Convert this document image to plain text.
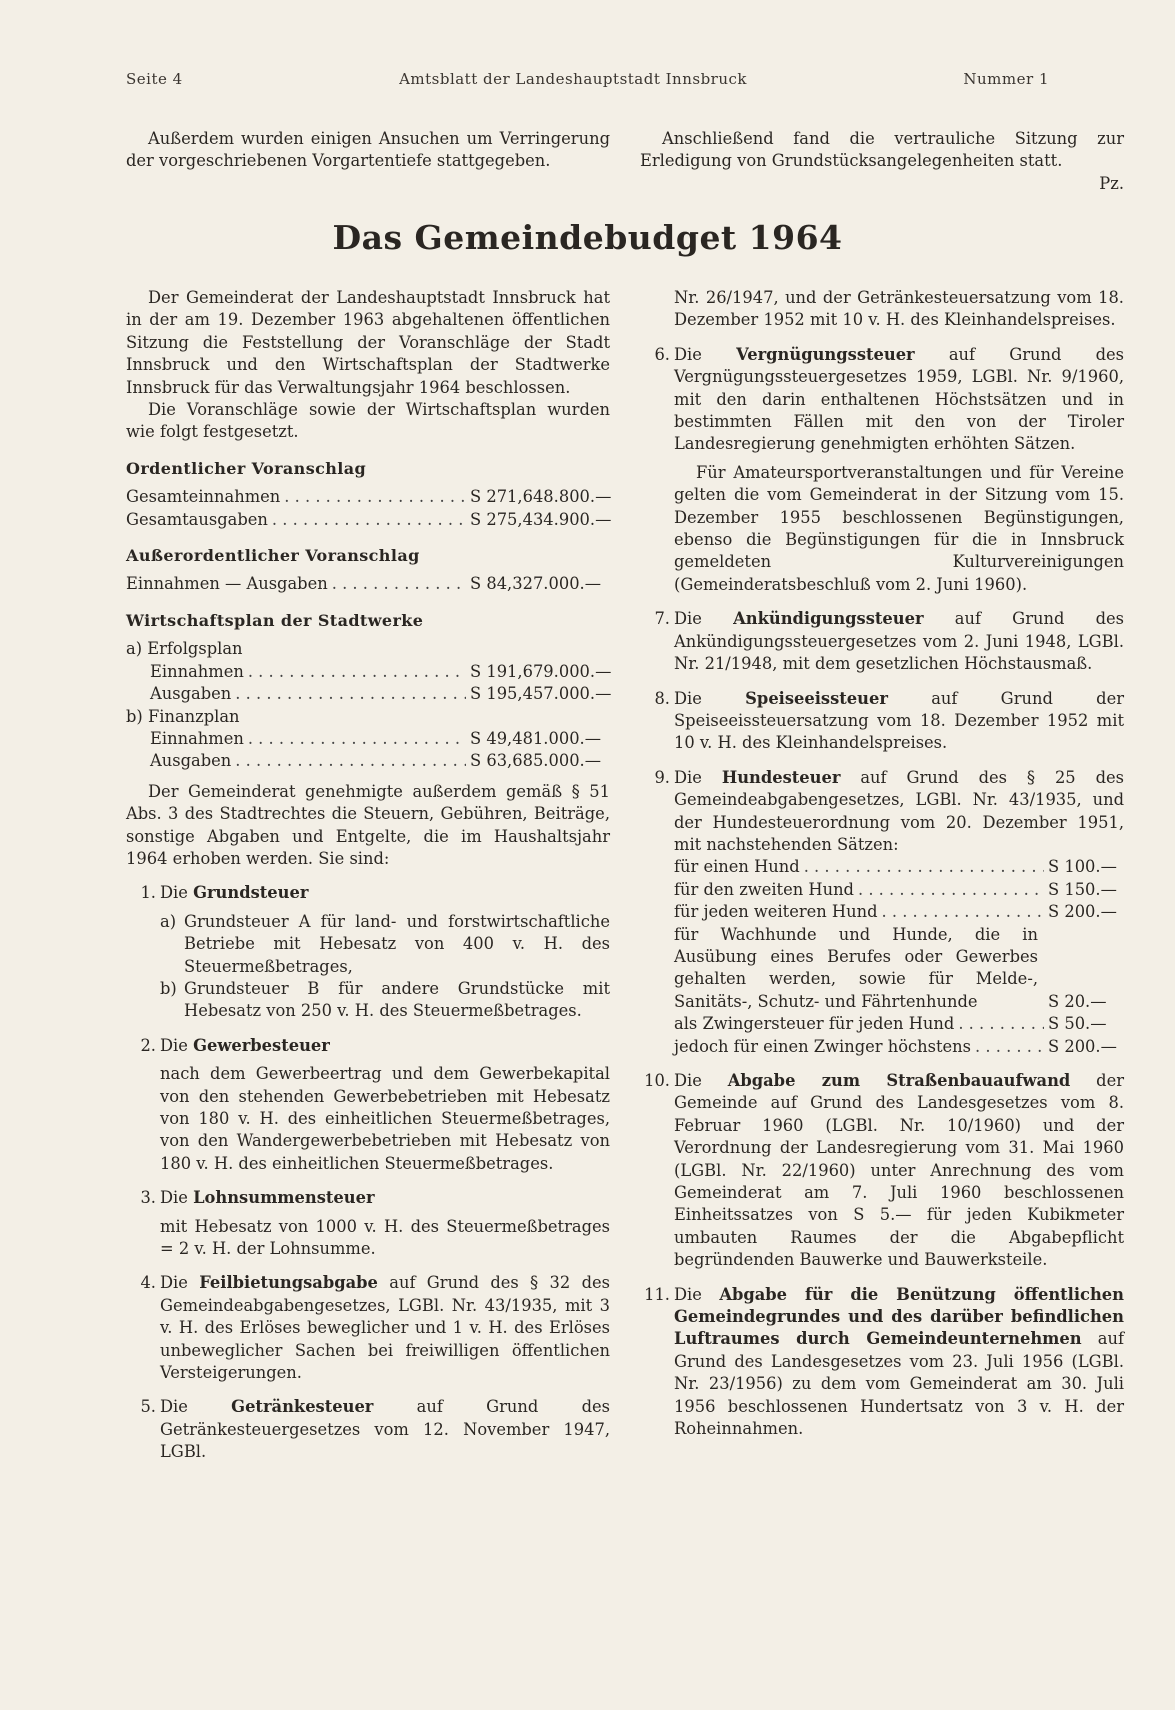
Seite 4	Amtsblatt der Landeshauptstadt Innsbruck	Nummer 1

Außerdem wurden einigen Ansuchen um Verringerung der vorgeschriebenen Vorgartentiefe stattgegeben.

Anschließend fand die vertrauliche Sitzung zur Erledigung von Grundstücksangelegenheiten statt.

Pz.

Das Gemeindebudget 1964

Der Gemeinderat der Landeshauptstadt Innsbruck hat in der am 19. Dezember 1963 abgehaltenen öffentlichen Sitzung die Feststellung der Voranschläge der Stadt Innsbruck und den Wirtschaftsplan der Stadtwerke Innsbruck für das Verwaltungsjahr 1964 beschlossen.

Die Voranschläge sowie der Wirtschaftsplan wurden wie folgt festgesetzt.

Ordentlicher Voranschlag
Gesamteinnahmen . . .	S 271,648.800.—
Gesamtausgaben . . .	S 275,434.900.—
Außerordentlicher Voranschlag
Einnahmen — Ausgaben . . .	S 84,327.000.—
Wirtschaftsplan der Stadtwerke
a) Erfolgsplan
Einnahmen . . .	S 191,679.000.—
Ausgaben . . .	S 195,457.000.—
b) Finanzplan
Einnahmen . . .	S 49,481.000.—
Ausgaben . . .	S 63,685.000.—

Der Gemeinderat genehmigte außerdem gemäß § 51 Abs. 3 des Stadtrechtes die Steuern, Gebühren, Beiträge, sonstige Abgaben und Entgelte, die im Haushaltsjahr 1964 erhoben werden. Sie sind:

1. Die Grundsteuer
a) Grundsteuer A für land- und forstwirtschaftliche Betriebe mit Hebesatz von 400 v. H. des Steuermeßbetrages,
b) Grundsteuer B für andere Grundstücke mit Hebesatz von 250 v. H. des Steuermeßbetrages.
2. Die Gewerbesteuer

nach dem Gewerbeertrag und dem Gewerbekapital von den stehenden Gewerbebetrieben mit Hebesatz von 180 v. H. des einheitlichen Steuermeßbetrages, von den Wandergewerbebetrieben mit Hebesatz von 180 v. H. des einheitlichen Steuermeßbetrages.

3. Die Lohnsummensteuer

mit Hebesatz von 1000 v. H. des Steuermeßbetrages = 2 v. H. der Lohnsumme.

4. Die Feilbietungsabgabe auf Grund des § 32 des Gemeindeabgabengesetzes, LGBl. Nr. 43/1935, mit 3 v. H. des Erlöses beweglicher und 1 v. H. des Erlöses unbeweglicher Sachen bei freiwilligen öffentlichen Versteigerungen.
5. Die Getränkesteuer auf Grund des Getränkesteuergesetzes vom 12. November 1947, LGBl.

Nr. 26/1947, und der Getränkesteuersatzung vom 18. Dezember 1952 mit 10 v. H. des Kleinhandelspreises.

6. Die Vergnügungssteuer auf Grund des Vergnügungssteuergesetzes 1959, LGBl. Nr. 9/1960, mit den darin enthaltenen Höchstsätzen und in bestimmten Fällen mit den von der Tiroler Landesregierung genehmigten erhöhten Sätzen.

Für Amateursportveranstaltungen und für Vereine gelten die vom Gemeinderat in der Sitzung vom 15. Dezember 1955 beschlossenen Begünstigungen, ebenso die Begünstigungen für die in Innsbruck gemeldeten Kulturvereinigungen (Gemeinderatsbeschluß vom 2. Juni 1960).

7. Die Ankündigungssteuer auf Grund des Ankündigungssteuergesetzes vom 2. Juni 1948, LGBl. Nr. 21/1948, mit dem gesetzlichen Höchstausmaß.
8. Die Speiseeissteuer auf Grund der Speiseeissteuersatzung vom 18. Dezember 1952 mit 10 v. H. des Kleinhandelspreises.
9. Die Hundesteuer auf Grund des § 25 des Gemeindeabgabengesetzes, LGBl. Nr. 43/1935, und der Hundesteuerordnung vom 20. Dezember 1951, mit nachstehenden Sätzen:
für einen Hund . . .	S 100.—
für den zweiten Hund . . .	S 150.—
für jeden weiteren Hund . . .	S 200.—
für Wachhunde und Hunde, die in Ausübung eines Berufes oder Gewerbes gehalten werden, sowie für Melde-, Sanitäts-, Schutz- und Fährtenhunde	S 20.—
als Zwingersteuer für jeden Hund . . .	S 50.—
jedoch für einen Zwinger höchstens . . .	S 200.—
10. Die Abgabe zum Straßenbauaufwand der Gemeinde auf Grund des Landesgesetzes vom 8. Februar 1960 (LGBl. Nr. 10/1960) und der Verordnung der Landesregierung vom 31. Mai 1960 (LGBl. Nr. 22/1960) unter Anrechnung des vom Gemeinderat am 7. Juli 1960 beschlossenen Einheitssatzes von S 5.— für jeden Kubikmeter umbauten Raumes der die Abgabepflicht begründenden Bauwerke und Bauwerksteile.
11. Die Abgabe für die Benützung öffentlichen Gemeindegrundes und des darüber befindlichen Luftraumes durch Gemeindeunternehmen auf Grund des Landesgesetzes vom 23. Juli 1956 (LGBl. Nr. 23/1956) zu dem vom Gemeinderat am 30. Juli 1956 beschlossenen Hundertsatz von 3 v. H. der Roheinnahmen.
